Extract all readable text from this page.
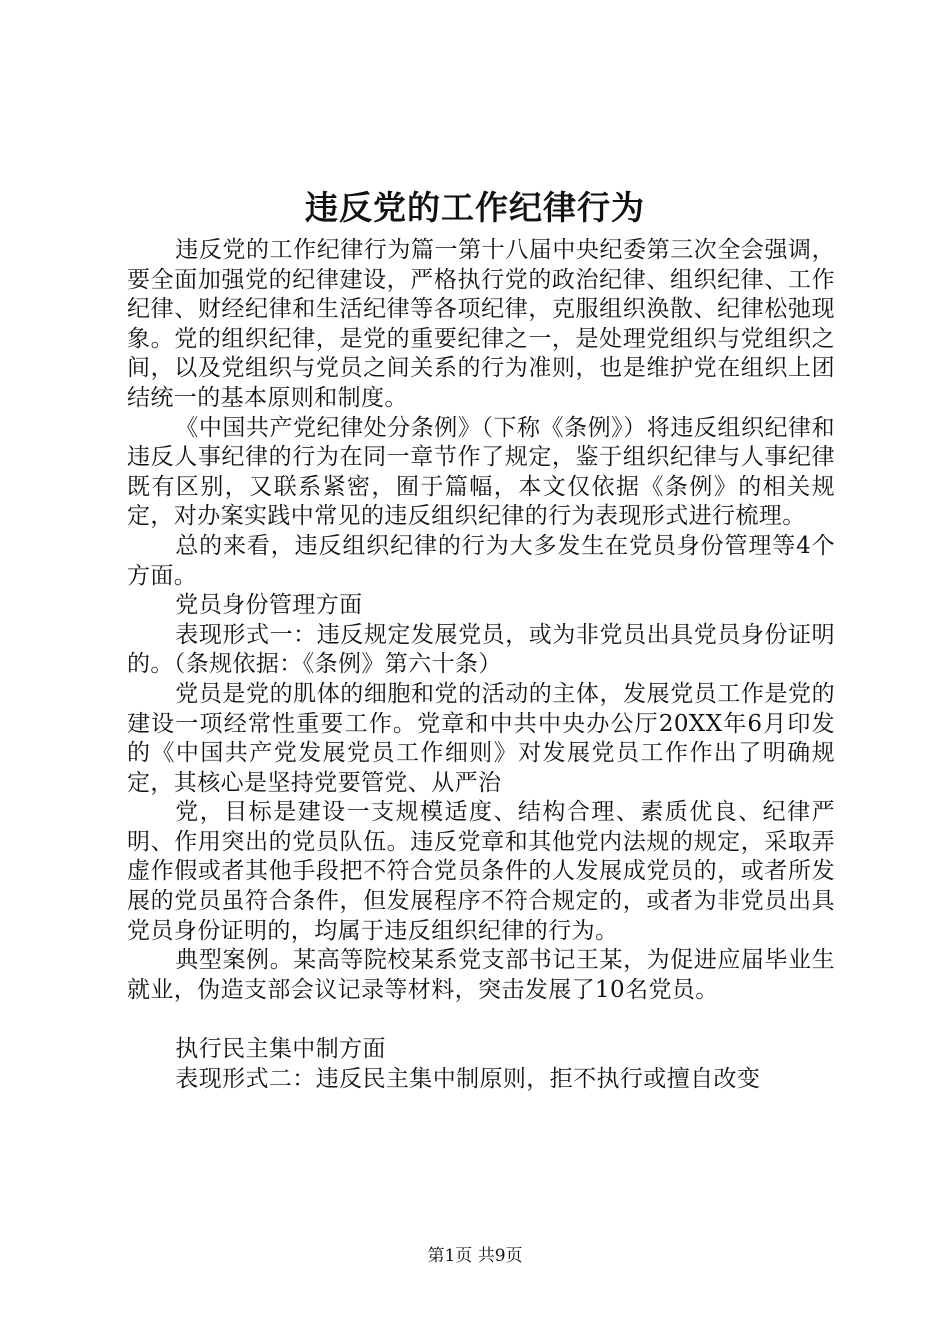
违反党的工作纪律行为

违反党的工作纪律行为篇一第十八届中央纪委第三次全会强调，要全面加强党的纪律建设，严格执行党的政治纪律、组织纪律、工作纪律、财经纪律和生活纪律等各项纪律，克服组织涣散、纪律松弛现象。党的组织纪律，是党的重要纪律之一，是处理党组织与党组织之间，以及党组织与党员之间关系的行为准则，也是维护党在组织上团结统一的基本原则和制度。

《中国共产党纪律处分条例》（下称《条例》）将违反组织纪律和违反人事纪律的行为在同一章节作了规定，鉴于组织纪律与人事纪律既有区别，又联系紧密，囿于篇幅，本文仅依据《条例》的相关规定，对办案实践中常见的违反组织纪律的行为表现形式进行梳理。

总的来看，违反组织纪律的行为大多发生在党员身份管理等4个方面。

党员身份管理方面

表现形式一：违反规定发展党员，或为非党员出具党员身份证明的。（条规依据：《条例》第六十条）

党员是党的肌体的细胞和党的活动的主体，发展党员工作是党的建设一项经常性重要工作。党章和中共中央办公厅20XX年6月印发的《中国共产党发展党员工作细则》对发展党员工作作出了明确规定，其核心是坚持党要管党、从严治

党，目标是建设一支规模适度、结构合理、素质优良、纪律严明、作用突出的党员队伍。违反党章和其他党内法规的规定，采取弄虚作假或者其他手段把不符合党员条件的人发展成党员的，或者所发展的党员虽符合条件，但发展程序不符合规定的，或者为非党员出具党员身份证明的，均属于违反组织纪律的行为。

典型案例。某高等院校某系党支部书记王某，为促进应届毕业生就业，伪造支部会议记录等材料，突击发展了10名党员。

执行民主集中制方面

表现形式二：违反民主集中制原则，拒不执行或擅自改变

第1页 共9页
